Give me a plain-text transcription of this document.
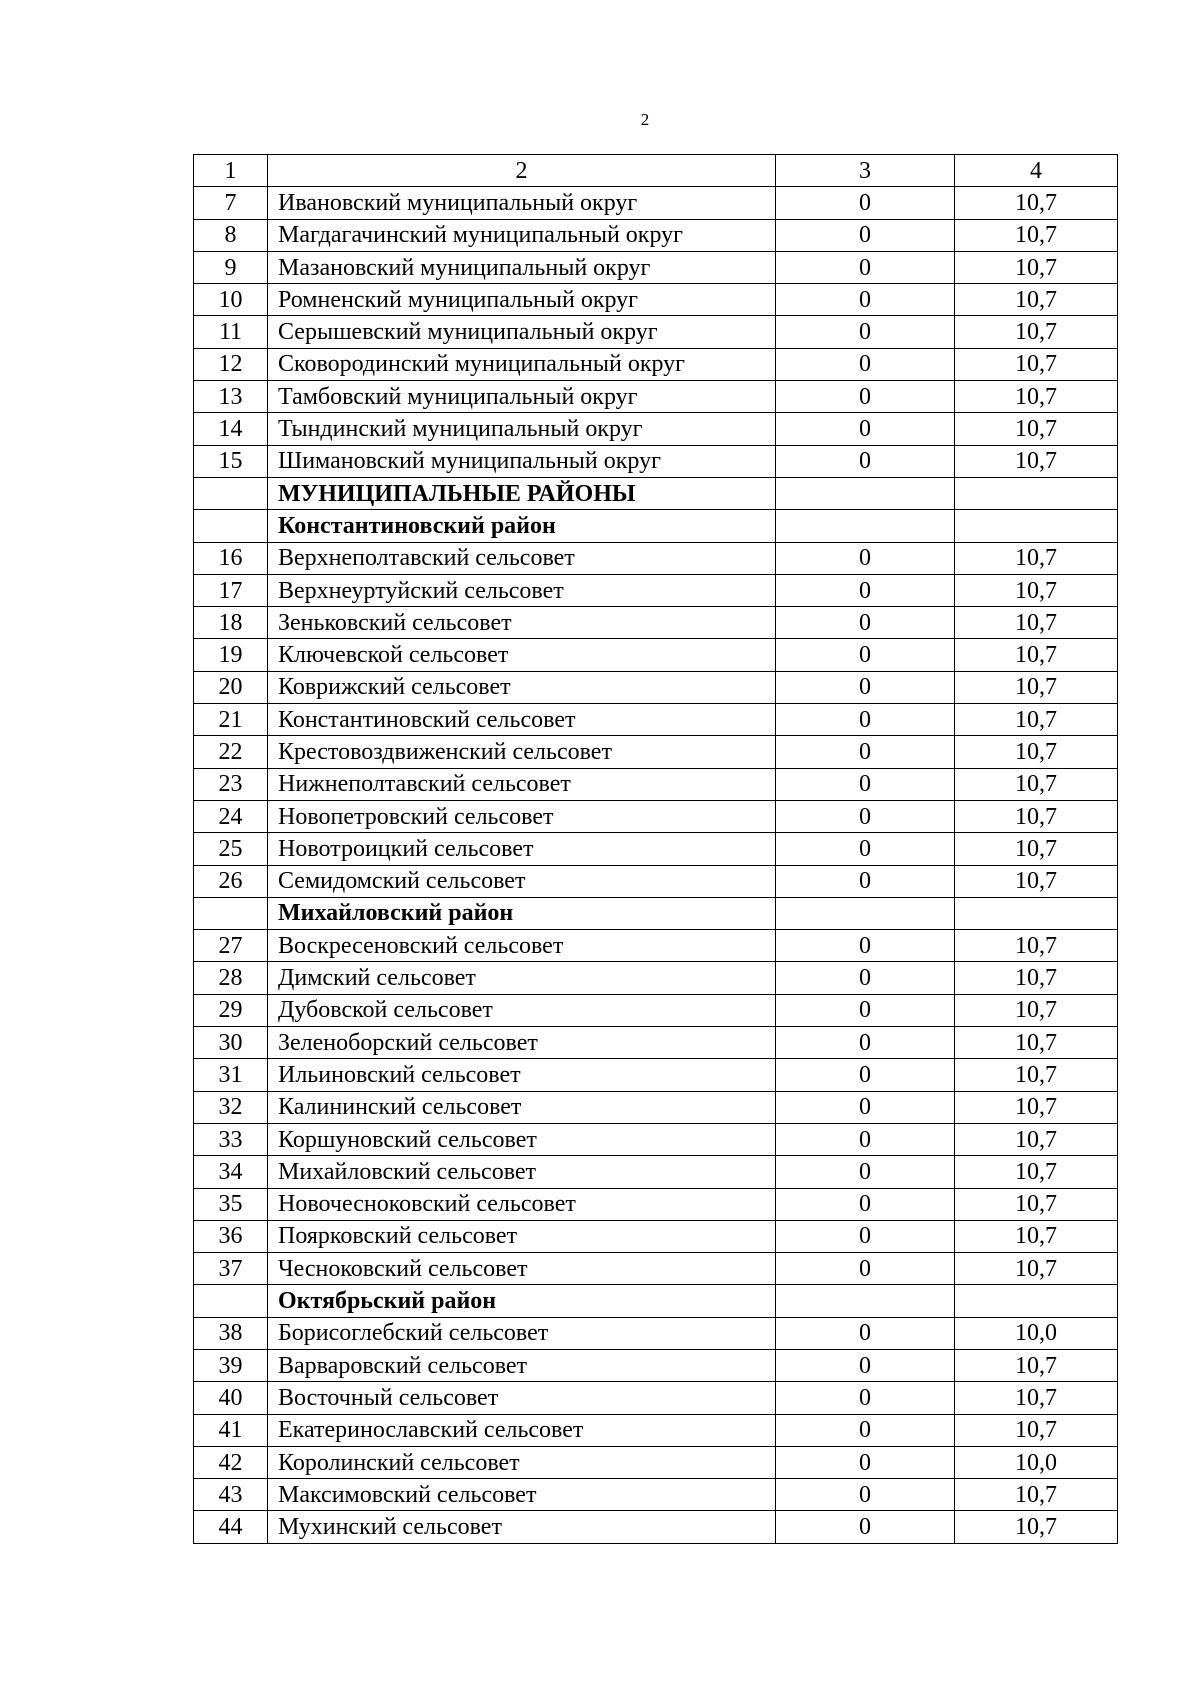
2
1	2	3	4
7	Ивановский муниципальный округ	0	10,7
8	Магдагачинский муниципальный округ	0	10,7
9	Мазановский муниципальный округ	0	10,7
10	Ромненский муниципальный округ	0	10,7
11	Серышевский муниципальный округ	0	10,7
12	Сковородинский муниципальный округ	0	10,7
13	Тамбовский муниципальный округ	0	10,7
14	Тындинский муниципальный округ	0	10,7
15	Шимановский муниципальный округ	0	10,7
	МУНИЦИПАЛЬНЫЕ РАЙОНЫ		
	Константиновский район		
16	Верхнеполтавский сельсовет	0	10,7
17	Верхнеуртуйский сельсовет	0	10,7
18	Зеньковский сельсовет	0	10,7
19	Ключевской сельсовет	0	10,7
20	Коврижский сельсовет	0	10,7
21	Константиновский сельсовет	0	10,7
22	Крестовоздвиженский сельсовет	0	10,7
23	Нижнеполтавский сельсовет	0	10,7
24	Новопетровский сельсовет	0	10,7
25	Новотроицкий сельсовет	0	10,7
26	Семидомский сельсовет	0	10,7
	Михайловский район		
27	Воскресеновский сельсовет	0	10,7
28	Димский сельсовет	0	10,7
29	Дубовской сельсовет	0	10,7
30	Зеленоборский сельсовет	0	10,7
31	Ильиновский сельсовет	0	10,7
32	Калининский сельсовет	0	10,7
33	Коршуновский сельсовет	0	10,7
34	Михайловский сельсовет	0	10,7
35	Новочесноковский сельсовет	0	10,7
36	Поярковский сельсовет	0	10,7
37	Чесноковский сельсовет	0	10,7
	Октябрьский район		
38	Борисоглебский сельсовет	0	10,0
39	Варваровский сельсовет	0	10,7
40	Восточный сельсовет	0	10,7
41	Екатеринославский сельсовет	0	10,7
42	Королинский сельсовет	0	10,0
43	Максимовский сельсовет	0	10,7
44	Мухинский сельсовет	0	10,7
